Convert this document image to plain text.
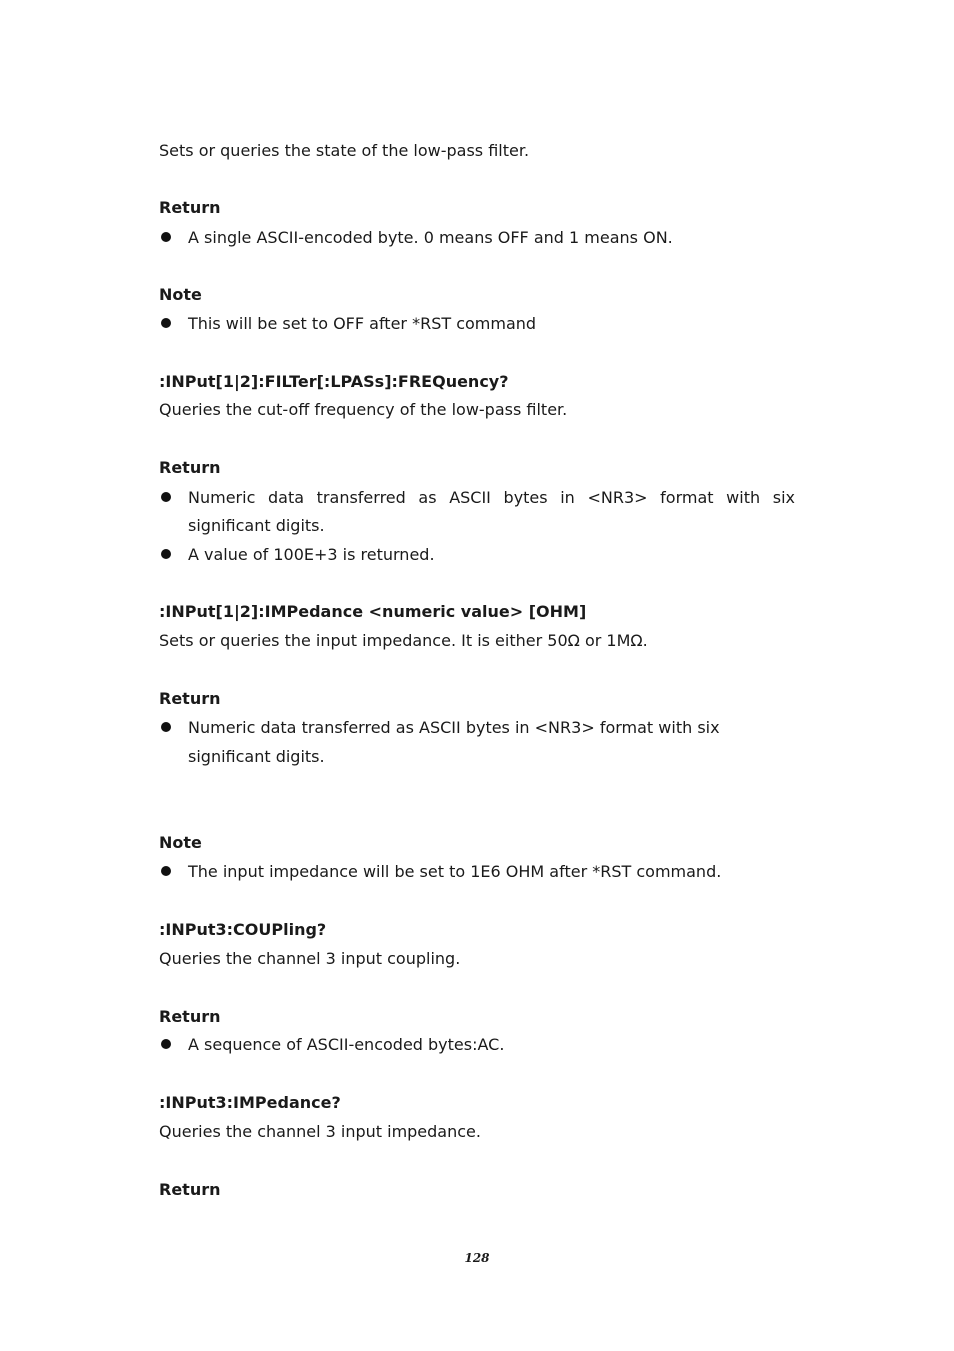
Sets or queries the state of the low-pass filter.
Return
A single ASCII-encoded byte. 0 means OFF and 1 means ON.
Note
This will be set to OFF after *RST command
:INPut[1|2]:FILTer[:LPASs]:FREQuency?
Queries the cut-off frequency of the low-pass filter.
Return
Numeric data transferred as ASCII bytes in <NR3> format with six
significant digits.
A value of 100E+3 is returned.
:INPut[1|2]:IMPedance <numeric value> [OHM]
Sets or queries the input impedance. It is either 50Ω or 1MΩ.
Return
Numeric data transferred as ASCII bytes in <NR3> format with six
significant digits.
Note
The input impedance will be set to 1E6 OHM after *RST command.
:INPut3:COUPling?
Queries the channel 3 input coupling.
Return
A sequence of ASCII-encoded bytes:AC.
:INPut3:IMPedance?
Queries the channel 3 input impedance.
Return
128
